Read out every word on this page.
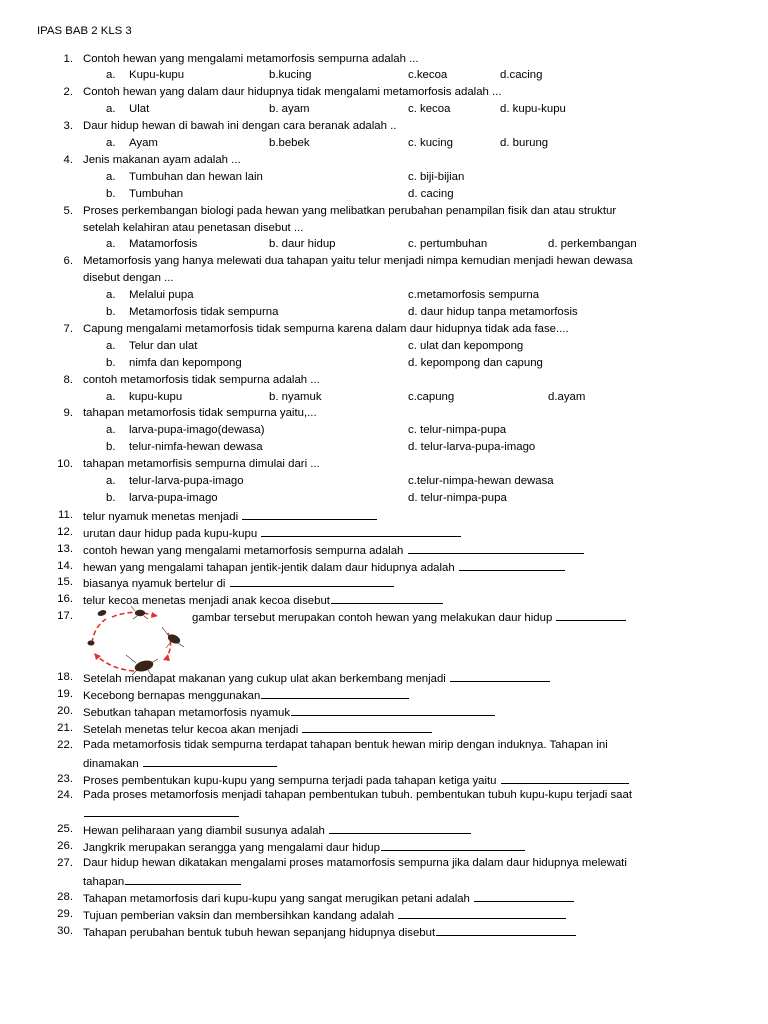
IPAS BAB 2 KLS 3
1. Contoh hewan yang mengalami metamorfosis sempurna adalah ...
a. Kupu-kupu	b.kucing	c.kecoa	d.cacing
2. Contoh hewan yang dalam daur hidupnya tidak mengalami metamorfosis adalah ...
a. Ulat	b. ayam	c. kecoa	d. kupu-kupu
3. Daur hidup hewan di bawah ini dengan cara beranak adalah ..
a. Ayam	b.bebek	c. kucing	d. burung
4. Jenis makanan ayam adalah ...
a. Tumbuhan dan hewan lain	c. biji-bijian
b. Tumbuhan	d. cacing
5. Proses perkembangan biologi pada hewan yang melibatkan perubahan penampilan fisik dan atau struktur
setelah kelahiran atau penetasan disebut ...
a. Matamorfosis	b. daur hidup	c. pertumbuhan	d. perkembangan
6. Metamorfosis yang hanya melewati dua tahapan yaitu telur menjadi nimpa kemudian menjadi hewan dewasa
disebut dengan ...
a. Melalui pupa	c.metamorfosis sempurna
b. Metamorfosis tidak sempurna	d. daur hidup tanpa metamorfosis
7. Capung mengalami metamorfosis tidak sempurna karena dalam daur hidupnya tidak ada fase....
a. Telur dan ulat	c. ulat dan kepompong
b. nimfa dan kepompong	d. kepompong dan capung
8. contoh metamorfosis tidak sempurna adalah ...
a. kupu-kupu	b. nyamuk	c.capung	d.ayam
9. tahapan metamorfosis tidak sempurna yaitu,...
a. larva-pupa-imago(dewasa)	c. telur-nimpa-pupa
b. telur-nimfa-hewan dewasa	d. telur-larva-pupa-imago
10. tahapan metamorfisis sempurna dimulai dari ...
a. telur-larva-pupa-imago	c.telur-nimpa-hewan dewasa
b. larva-pupa-imago	d. telur-nimpa-pupa
11. telur nyamuk menetas menjadi
12. urutan daur hidup pada kupu-kupu
13. contoh hewan yang mengalami metamorfosis sempurna adalah
14. hewan yang mengalami tahapan jentik-jentik dalam daur hidupnya adalah
15. biasanya nyamuk bertelur di
16. telur kecoa menetas menjadi anak kecoa disebut
17.	gambar tersebut merupakan contoh hewan yang melakukan daur hidup
18. Setelah mendapat makanan yang cukup ulat akan berkembang menjadi
19. Kecebong bernapas menggunakan
20. Sebutkan tahapan metamorfosis nyamuk
21. Setelah menetas telur kecoa akan menjadi
22. Pada metamorfosis tidak sempurna terdapat tahapan bentuk hewan mirip dengan induknya. Tahapan ini
dinamakan
23. Proses pembentukan kupu-kupu yang sempurna terjadi pada tahapan ketiga yaitu
24. Pada proses metamorfosis menjadi tahapan pembentukan tubuh. pembentukan tubuh kupu-kupu terjadi saat
25. Hewan peliharaan yang diambil susunya adalah
26. Jangkrik merupakan serangga yang mengalami daur hidup
27. Daur hidup hewan dikatakan mengalami proses matamorfosis sempurna jika dalam daur hidupnya melewati
tahapan
28. Tahapan metamorfosis dari kupu-kupu yang sangat merugikan petani adalah
29. Tujuan pemberian vaksin dan membersihkan kandang adalah
30. Tahapan perubahan bentuk tubuh hewan sepanjang hidupnya disebut
